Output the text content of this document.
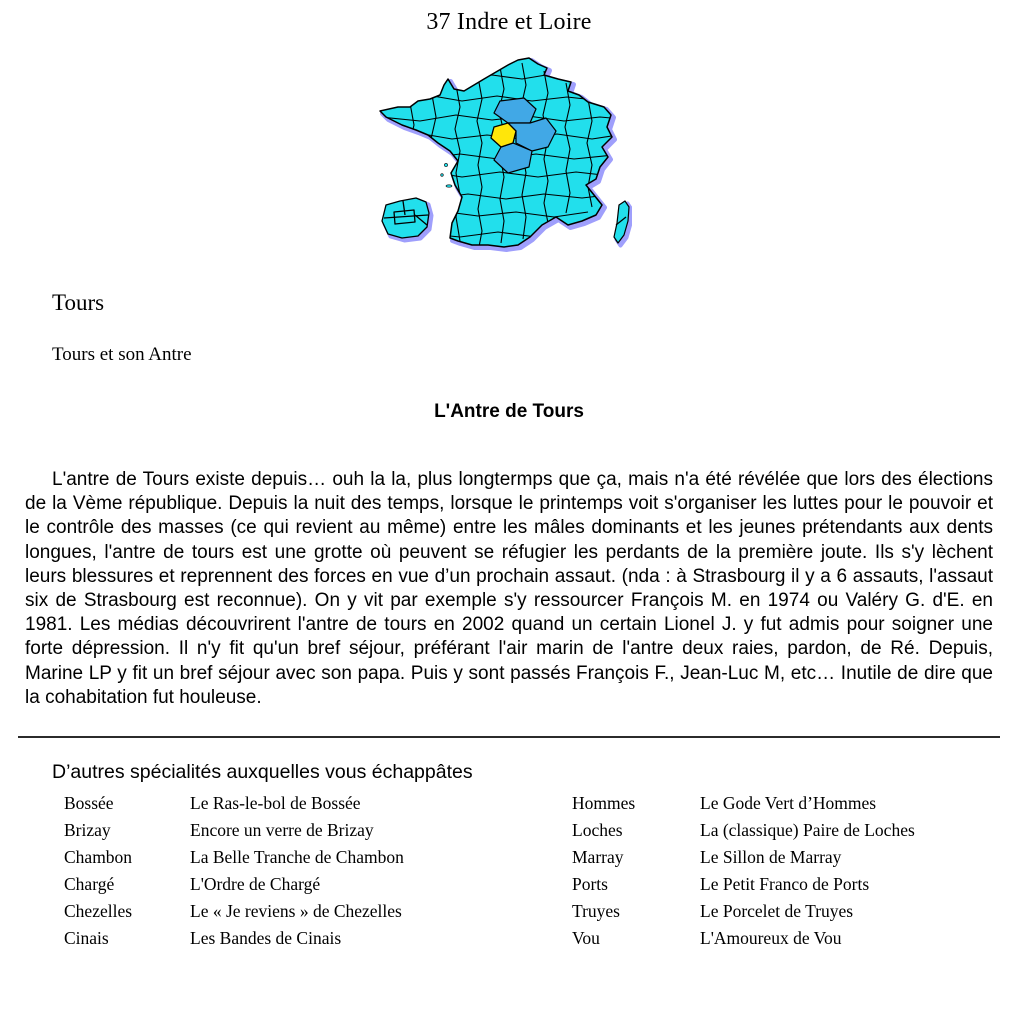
37 Indre et Loire
Tours
Tours et son Antre
L'Antre de Tours

L'antre de Tours existe depuis… ouh la la, plus longtermps que ça, mais n'a été révélée que lors des élections de la Vème république. Depuis la nuit des temps, lorsque le printemps voit s'organiser les luttes pour le pouvoir et le contrôle des masses (ce qui revient au même) entre les mâles dominants et les jeunes prétendants aux dents longues, l'antre de tours est une grotte où peuvent se réfugier les perdants de la première joute. Ils s'y lèchent leurs blessures et reprennent des forces en vue d’un prochain assaut. (nda : à Strasbourg il y a 6 assauts, l'assaut six de Strasbourg est reconnue). On y vit par exemple s'y ressourcer François M. en 1974 ou Valéry G. d'E. en 1981. Les médias découvrirent l'antre de tours en 2002 quand un certain Lionel J. y fut admis pour soigner une forte dépression. Il n'y fit qu'un bref séjour, préférant l'air marin de l'antre deux raies, pardon, de Ré. Depuis, Marine LP y fit un bref séjour avec son papa. Puis y sont passés François F., Jean-Luc M, etc… Inutile de dire que la cohabitation fut houleuse.

D’autres spécialités auxquelles vous échappâtes
Bossée	Le Ras-le-bol de Bossée	Hommes	Le Gode Vert d’Hommes
Brizay	Encore un verre de Brizay	Loches	La (classique) Paire de Loches
Chambon	La Belle Tranche de Chambon	Marray	Le Sillon de Marray
Chargé	L'Ordre de Chargé	Ports	Le Petit Franco de Ports
Chezelles	Le « Je reviens » de Chezelles	Truyes	Le Porcelet de Truyes
Cinais	Les Bandes de Cinais	Vou	L'Amoureux de Vou
